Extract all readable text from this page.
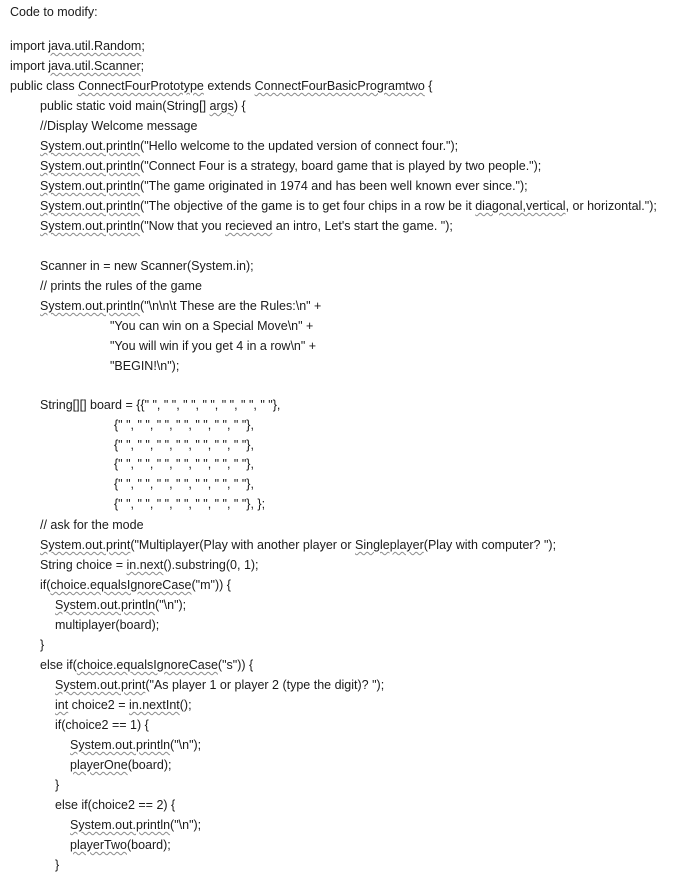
Code to modify:
import java.util.Random;
import java.util.Scanner;
public class ConnectFourPrototype extends ConnectFourBasicProgramtwo {
public static void main(String[] args) {
//Display Welcome message
System.out.println("Hello welcome to the updated version of connect four.");
System.out.println("Connect Four is a strategy, board game that is played by two people.");
System.out.println("The game originated in 1974 and has been well known ever since.");
System.out.println("The objective of the game is to get four chips in a row be it diagonal,vertical, or horizontal.");
System.out.println("Now that you recieved an intro, Let's start the game. ");
Scanner in = new Scanner(System.in);
// prints the rules of the game
System.out.println("\n\n\t These are the Rules:\n" +
"You can win on a Special Move\n" +
"You will win if you get 4 in a row\n" +
"BEGIN!\n");
String[][] board = {{" ", " ", " ", " ", " ", " ", " "},
{" ", " ", " ", " ", " ", " ", " "},
{" ", " ", " ", " ", " ", " ", " "},
{" ", " ", " ", " ", " ", " ", " "},
{" ", " ", " ", " ", " ", " ", " "},
{" ", " ", " ", " ", " ", " ", " "}, };
// ask for the mode
System.out.print("Multiplayer(Play with another player or Singleplayer(Play with computer? ");
String choice = in.next().substring(0, 1);
if(choice.equalsIgnoreCase("m")) {
System.out.println("\n");
multiplayer(board);
}
else if(choice.equalsIgnoreCase("s")) {
System.out.print("As player 1 or player 2 (type the digit)? ");
int choice2 = in.nextInt();
if(choice2 == 1) {
System.out.println("\n");
playerOne(board);
}
else if(choice2 == 2) {
System.out.println("\n");
playerTwo(board);
}
